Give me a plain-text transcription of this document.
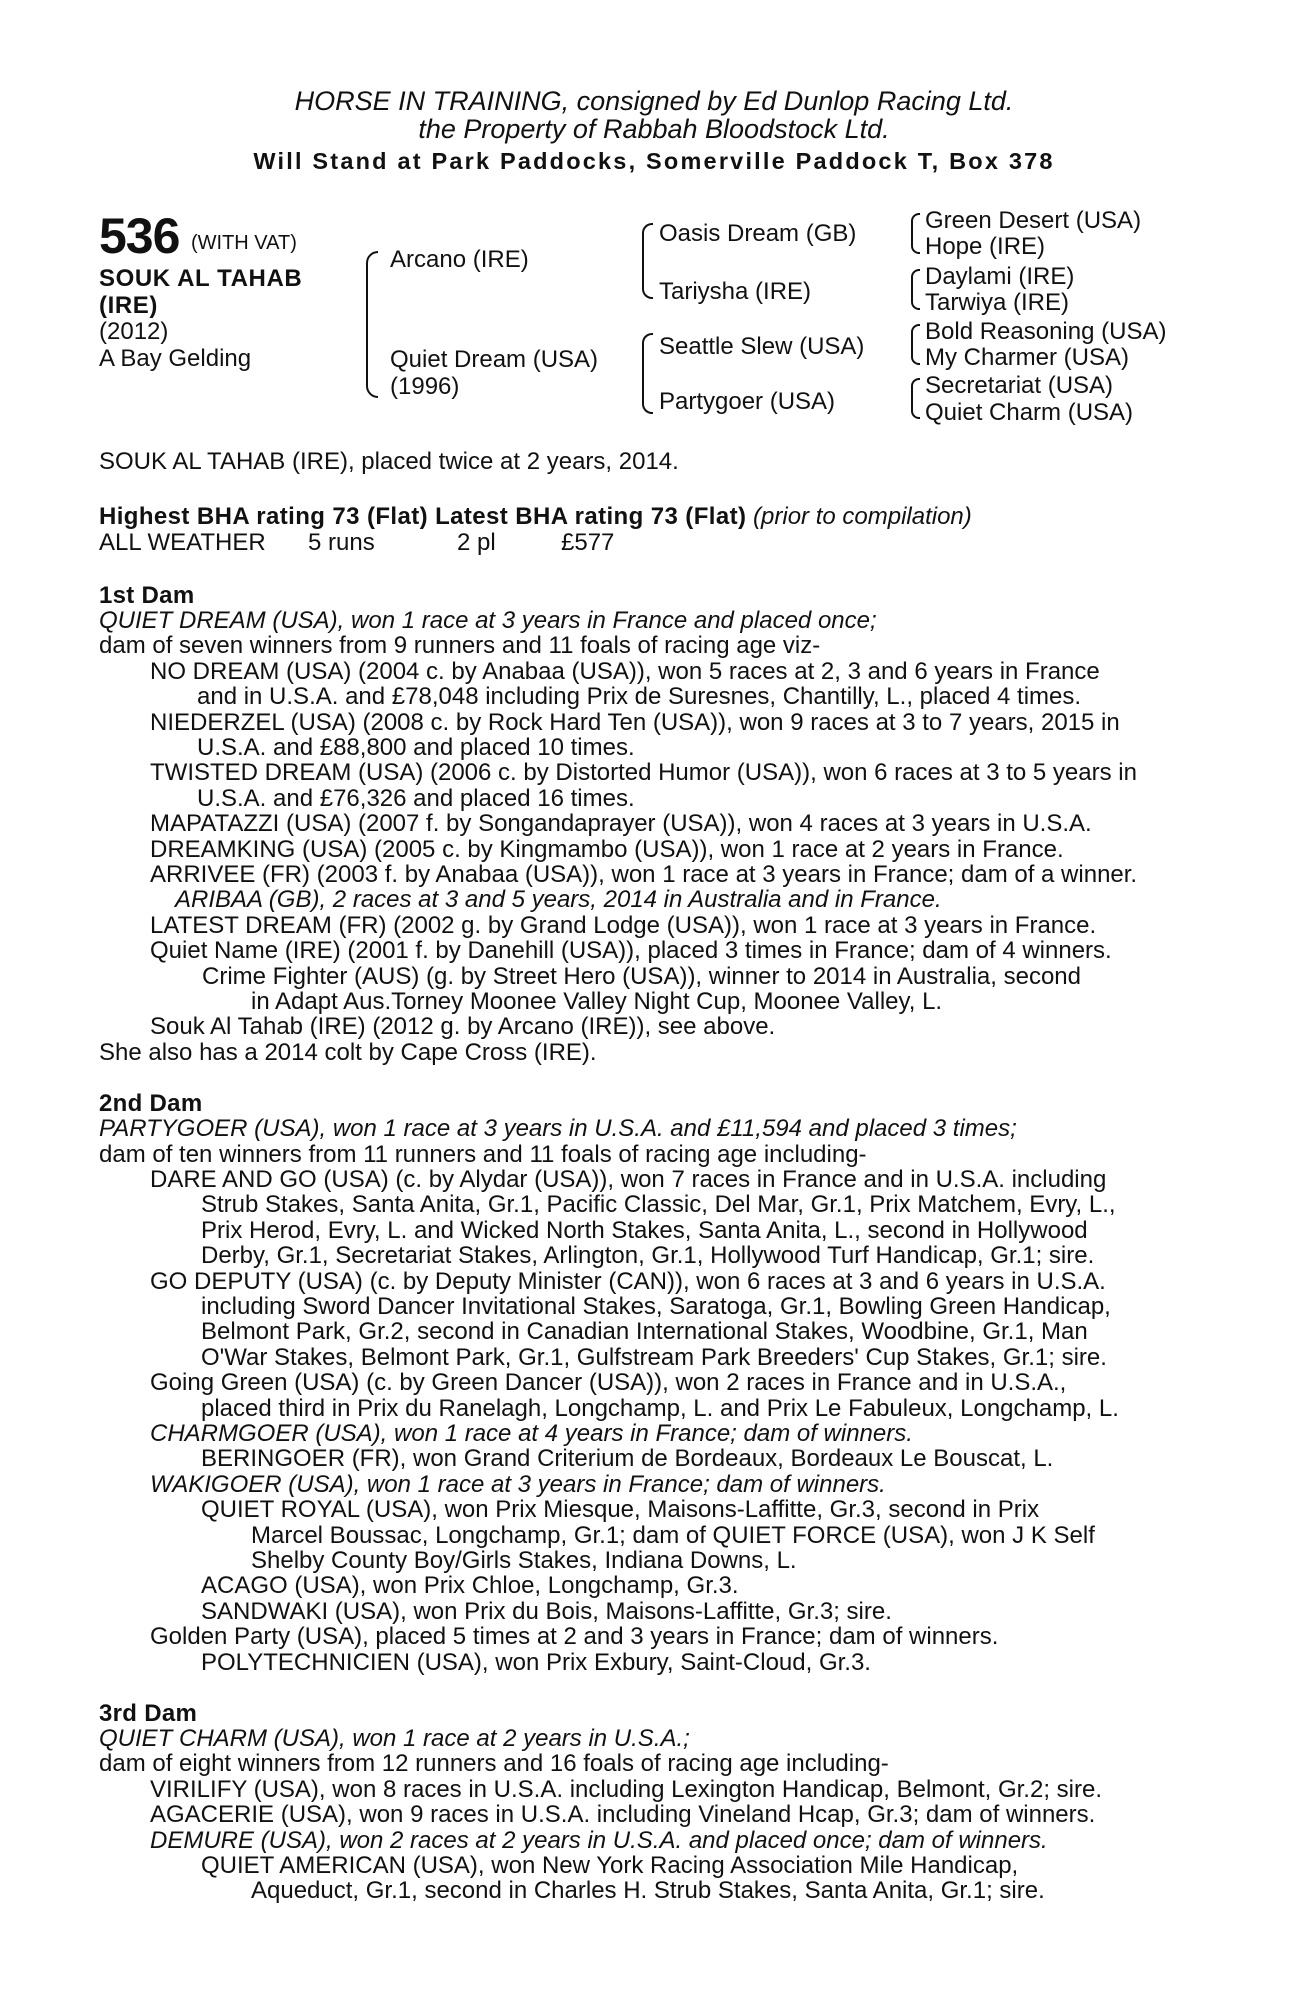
HORSE IN TRAINING, consigned by Ed Dunlop Racing Ltd.
the Property of Rabbah Bloodstock Ltd.
Will Stand at Park Paddocks, Somerville Paddock T, Box 378
536 (WITH VAT)
SOUK AL TAHAB
(IRE)
(2012)
A Bay Gelding
Arcano (IRE)
Quiet Dream (USA)
(1996)
Oasis Dream (GB)
Tariysha (IRE)
Seattle Slew (USA)
Partygoer (USA)
Green Desert (USA)
Hope (IRE)
Daylami (IRE)
Tarwiya (IRE)
Bold Reasoning (USA)
My Charmer (USA)
Secretariat (USA)
Quiet Charm (USA)
SOUK AL TAHAB (IRE), placed twice at 2 years, 2014.
Highest BHA rating 73 (Flat) Latest BHA rating 73 (Flat) (prior to compilation)
ALL WEATHER 5 runs	2 pl	£577
1st Dam
QUIET DREAM (USA), won 1 race at 3 years in France and placed once;
dam of seven winners from 9 runners and 11 foals of racing age viz-
NO DREAM (USA) (2004 c. by Anabaa (USA)), won 5 races at 2, 3 and 6 years in France
and in U.S.A. and £78,048 including Prix de Suresnes, Chantilly, L., placed 4 times.
NIEDERZEL (USA) (2008 c. by Rock Hard Ten (USA)), won 9 races at 3 to 7 years, 2015 in
U.S.A. and £88,800 and placed 10 times.
TWISTED DREAM (USA) (2006 c. by Distorted Humor (USA)), won 6 races at 3 to 5 years in
U.S.A. and £76,326 and placed 16 times.
MAPATAZZI (USA) (2007 f. by Songandaprayer (USA)), won 4 races at 3 years in U.S.A.
DREAMKING (USA) (2005 c. by Kingmambo (USA)), won 1 race at 2 years in France.
ARRIVEE (FR) (2003 f. by Anabaa (USA)), won 1 race at 3 years in France; dam of a winner.
ARIBAA (GB), 2 races at 3 and 5 years, 2014 in Australia and in France.
LATEST DREAM (FR) (2002 g. by Grand Lodge (USA)), won 1 race at 3 years in France.
Quiet Name (IRE) (2001 f. by Danehill (USA)), placed 3 times in France; dam of 4 winners.
Crime Fighter (AUS) (g. by Street Hero (USA)), winner to 2014 in Australia, second
in Adapt Aus.Torney Moonee Valley Night Cup, Moonee Valley, L.
Souk Al Tahab (IRE) (2012 g. by Arcano (IRE)), see above.
She also has a 2014 colt by Cape Cross (IRE).
2nd Dam
PARTYGOER (USA), won 1 race at 3 years in U.S.A. and £11,594 and placed 3 times;
dam of ten winners from 11 runners and 11 foals of racing age including-
DARE AND GO (USA) (c. by Alydar (USA)), won 7 races in France and in U.S.A. including
Strub Stakes, Santa Anita, Gr.1, Pacific Classic, Del Mar, Gr.1, Prix Matchem, Evry, L.,
Prix Herod, Evry, L. and Wicked North Stakes, Santa Anita, L., second in Hollywood
Derby, Gr.1, Secretariat Stakes, Arlington, Gr.1, Hollywood Turf Handicap, Gr.1; sire.
GO DEPUTY (USA) (c. by Deputy Minister (CAN)), won 6 races at 3 and 6 years in U.S.A.
including Sword Dancer Invitational Stakes, Saratoga, Gr.1, Bowling Green Handicap,
Belmont Park, Gr.2, second in Canadian International Stakes, Woodbine, Gr.1, Man
O'War Stakes, Belmont Park, Gr.1, Gulfstream Park Breeders' Cup Stakes, Gr.1; sire.
Going Green (USA) (c. by Green Dancer (USA)), won 2 races in France and in U.S.A.,
placed third in Prix du Ranelagh, Longchamp, L. and Prix Le Fabuleux, Longchamp, L.
CHARMGOER (USA), won 1 race at 4 years in France; dam of winners.
BERINGOER (FR), won Grand Criterium de Bordeaux, Bordeaux Le Bouscat, L.
WAKIGOER (USA), won 1 race at 3 years in France; dam of winners.
QUIET ROYAL (USA), won Prix Miesque, Maisons-Laffitte, Gr.3, second in Prix
Marcel Boussac, Longchamp, Gr.1; dam of QUIET FORCE (USA), won J K Self
Shelby County Boy/Girls Stakes, Indiana Downs, L.
ACAGO (USA), won Prix Chloe, Longchamp, Gr.3.
SANDWAKI (USA), won Prix du Bois, Maisons-Laffitte, Gr.3; sire.
Golden Party (USA), placed 5 times at 2 and 3 years in France; dam of winners.
POLYTECHNICIEN (USA), won Prix Exbury, Saint-Cloud, Gr.3.
3rd Dam
QUIET CHARM (USA), won 1 race at 2 years in U.S.A.;
dam of eight winners from 12 runners and 16 foals of racing age including-
VIRILIFY (USA), won 8 races in U.S.A. including Lexington Handicap, Belmont, Gr.2; sire.
AGACERIE (USA), won 9 races in U.S.A. including Vineland Hcap, Gr.3; dam of winners.
DEMURE (USA), won 2 races at 2 years in U.S.A. and placed once; dam of winners.
QUIET AMERICAN (USA), won New York Racing Association Mile Handicap,
Aqueduct, Gr.1, second in Charles H. Strub Stakes, Santa Anita, Gr.1; sire.
